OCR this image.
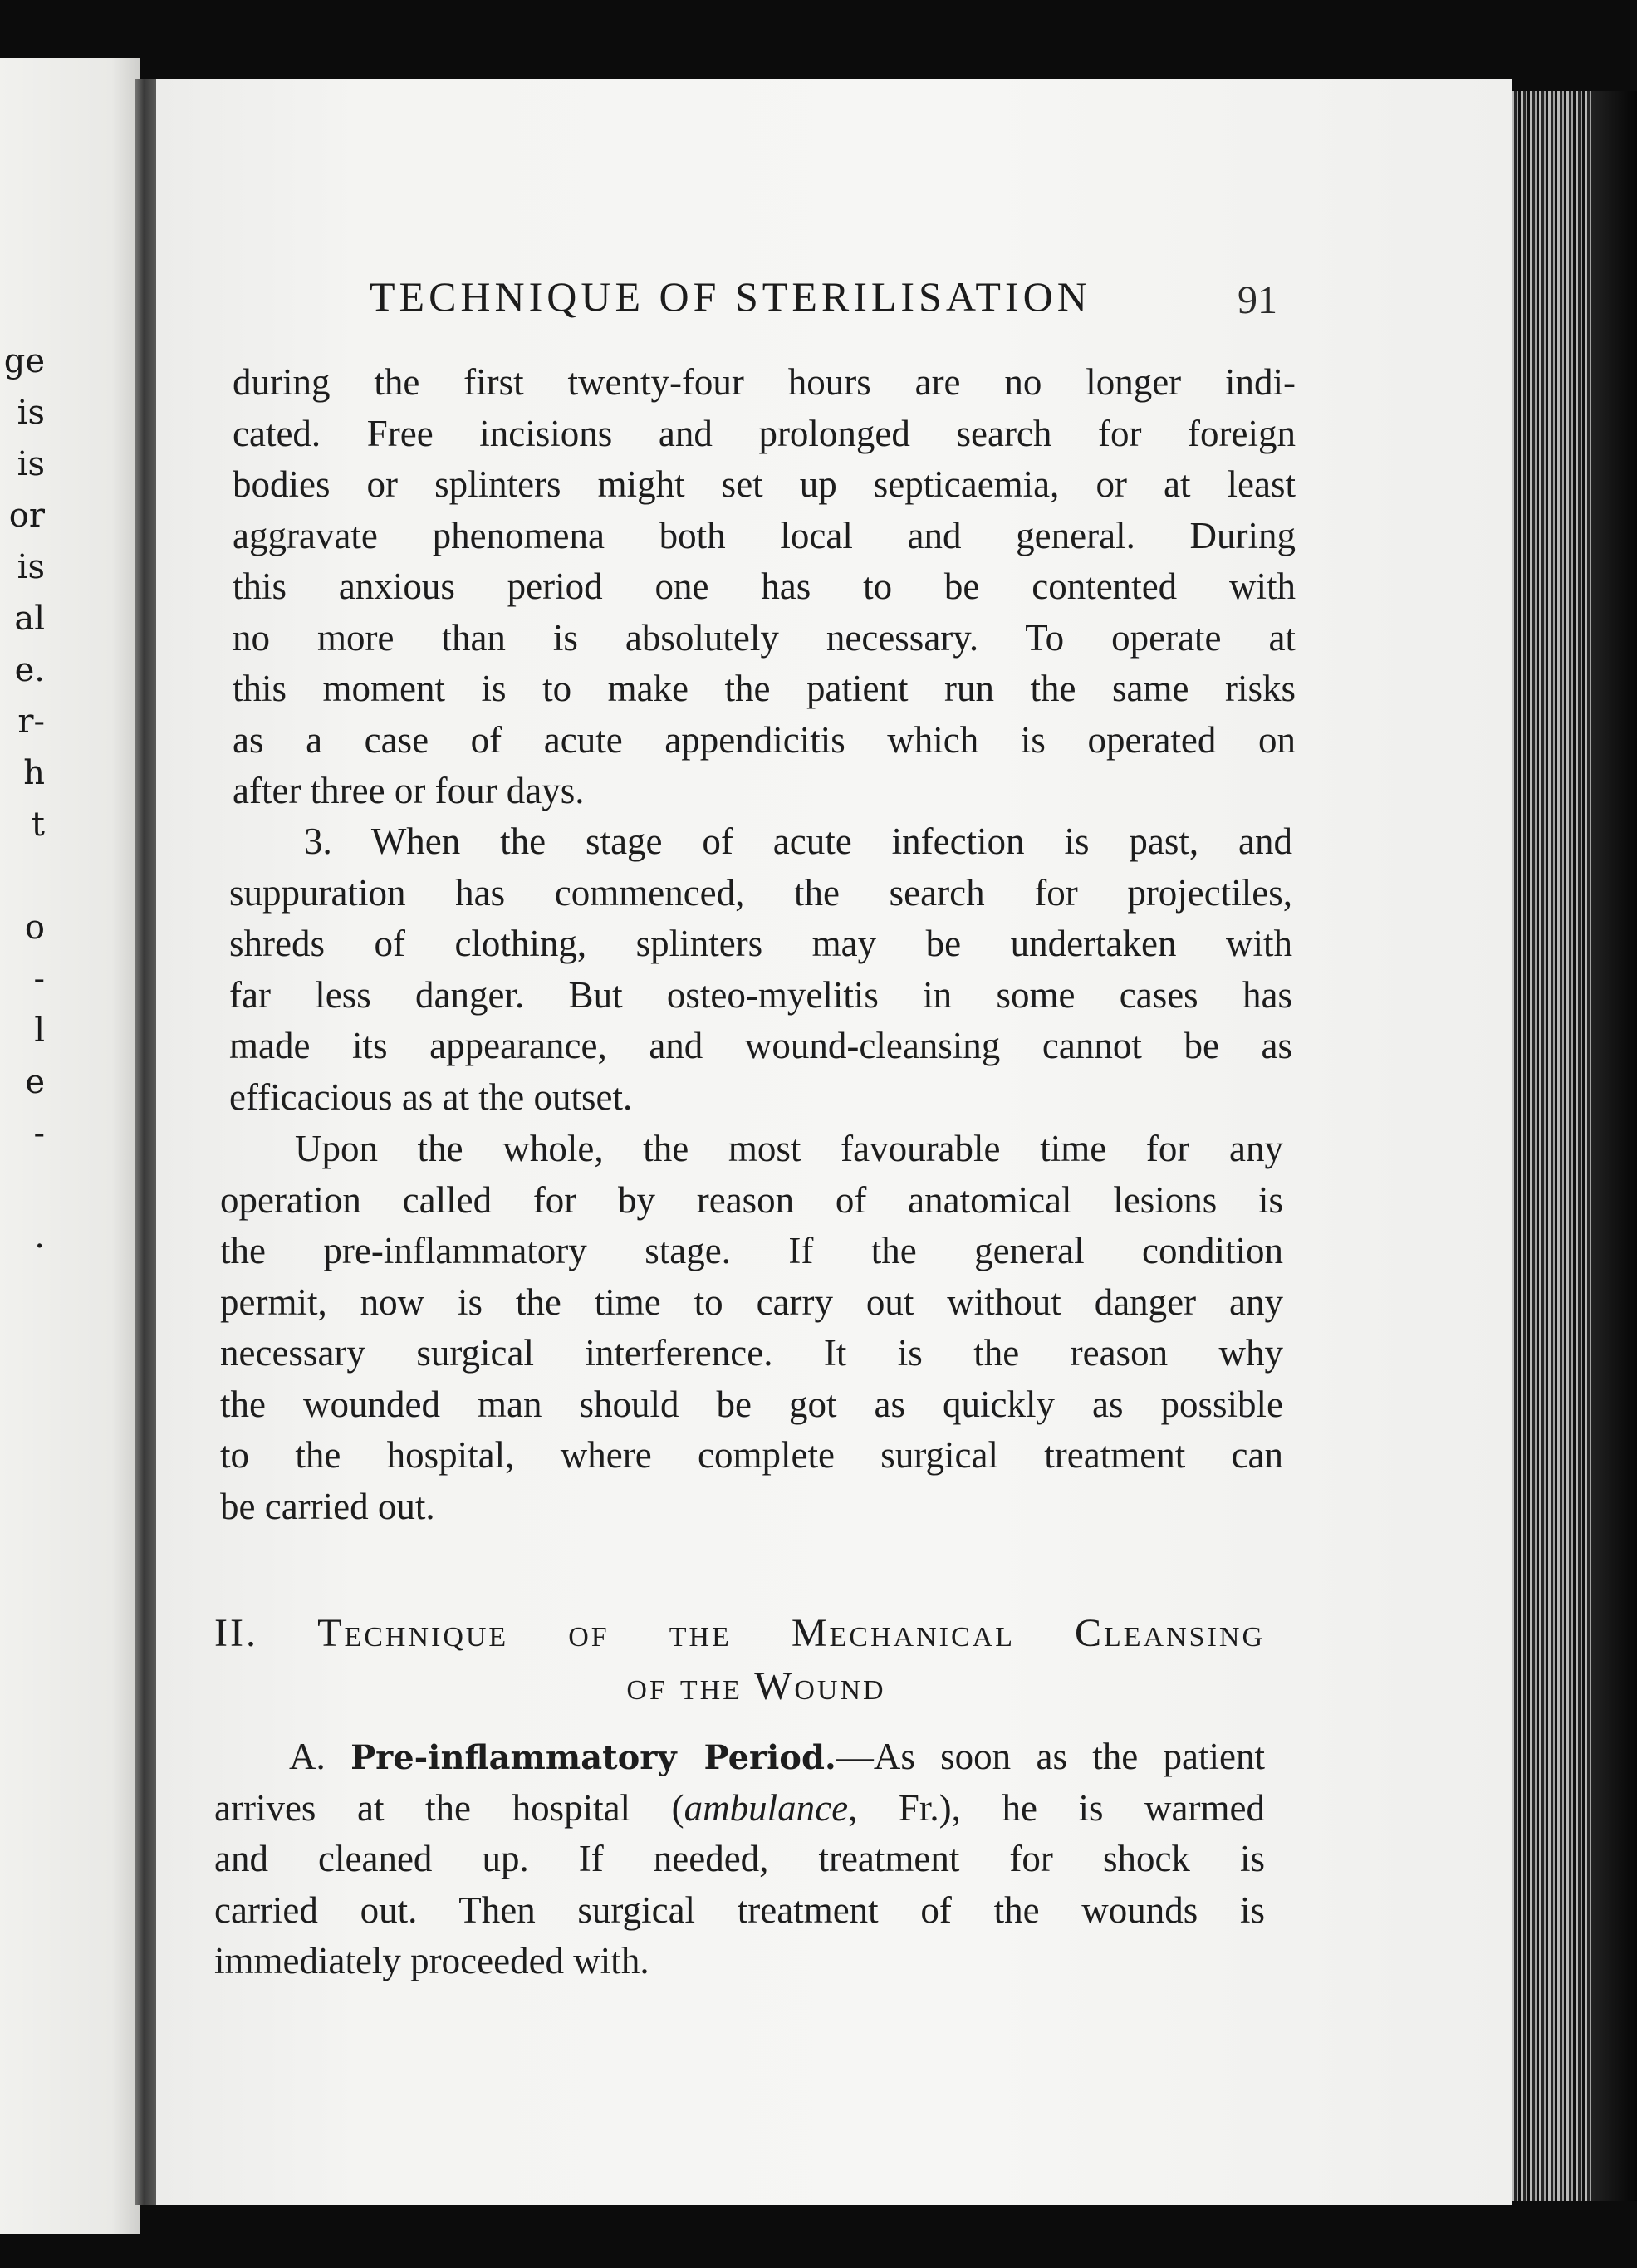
ge
is
is
or
is
al
e.
r-
h
t
o
-
l
e
-
.
TECHNIQUE OF STERILISATION	91
during the first twenty-four hours are no longer indi-
cated. Free incisions and prolonged search for foreign
bodies or splinters might set up septicaemia, or at least
aggravate phenomena both local and general. During
this anxious period one has to be contented with
no more than is absolutely necessary. To operate at
this moment is to make the patient run the same risks
as a case of acute appendicitis which is operated on
after three or four days.
3. When the stage of acute infection is past, and
suppuration has commenced, the search for projectiles,
shreds of clothing, splinters may be undertaken with
far less danger. But osteo-myelitis in some cases has
made its appearance, and wound-cleansing cannot be as
efficacious as at the outset.
Upon the whole, the most favourable time for any
operation called for by reason of anatomical lesions is
the pre-inflammatory stage. If the general condition
permit, now is the time to carry out without danger any
necessary surgical interference. It is the reason why
the wounded man should be got as quickly as possible
to the hospital, where complete surgical treatment can
be carried out.
II. Technique of the Mechanical Cleansing
of the Wound
A. Pre-inflammatory Period.—As soon as the patient
arrives at the hospital (ambulance, Fr.), he is warmed
and cleaned up. If needed, treatment for shock is
carried out. Then surgical treatment of the wounds is
immediately proceeded with.
